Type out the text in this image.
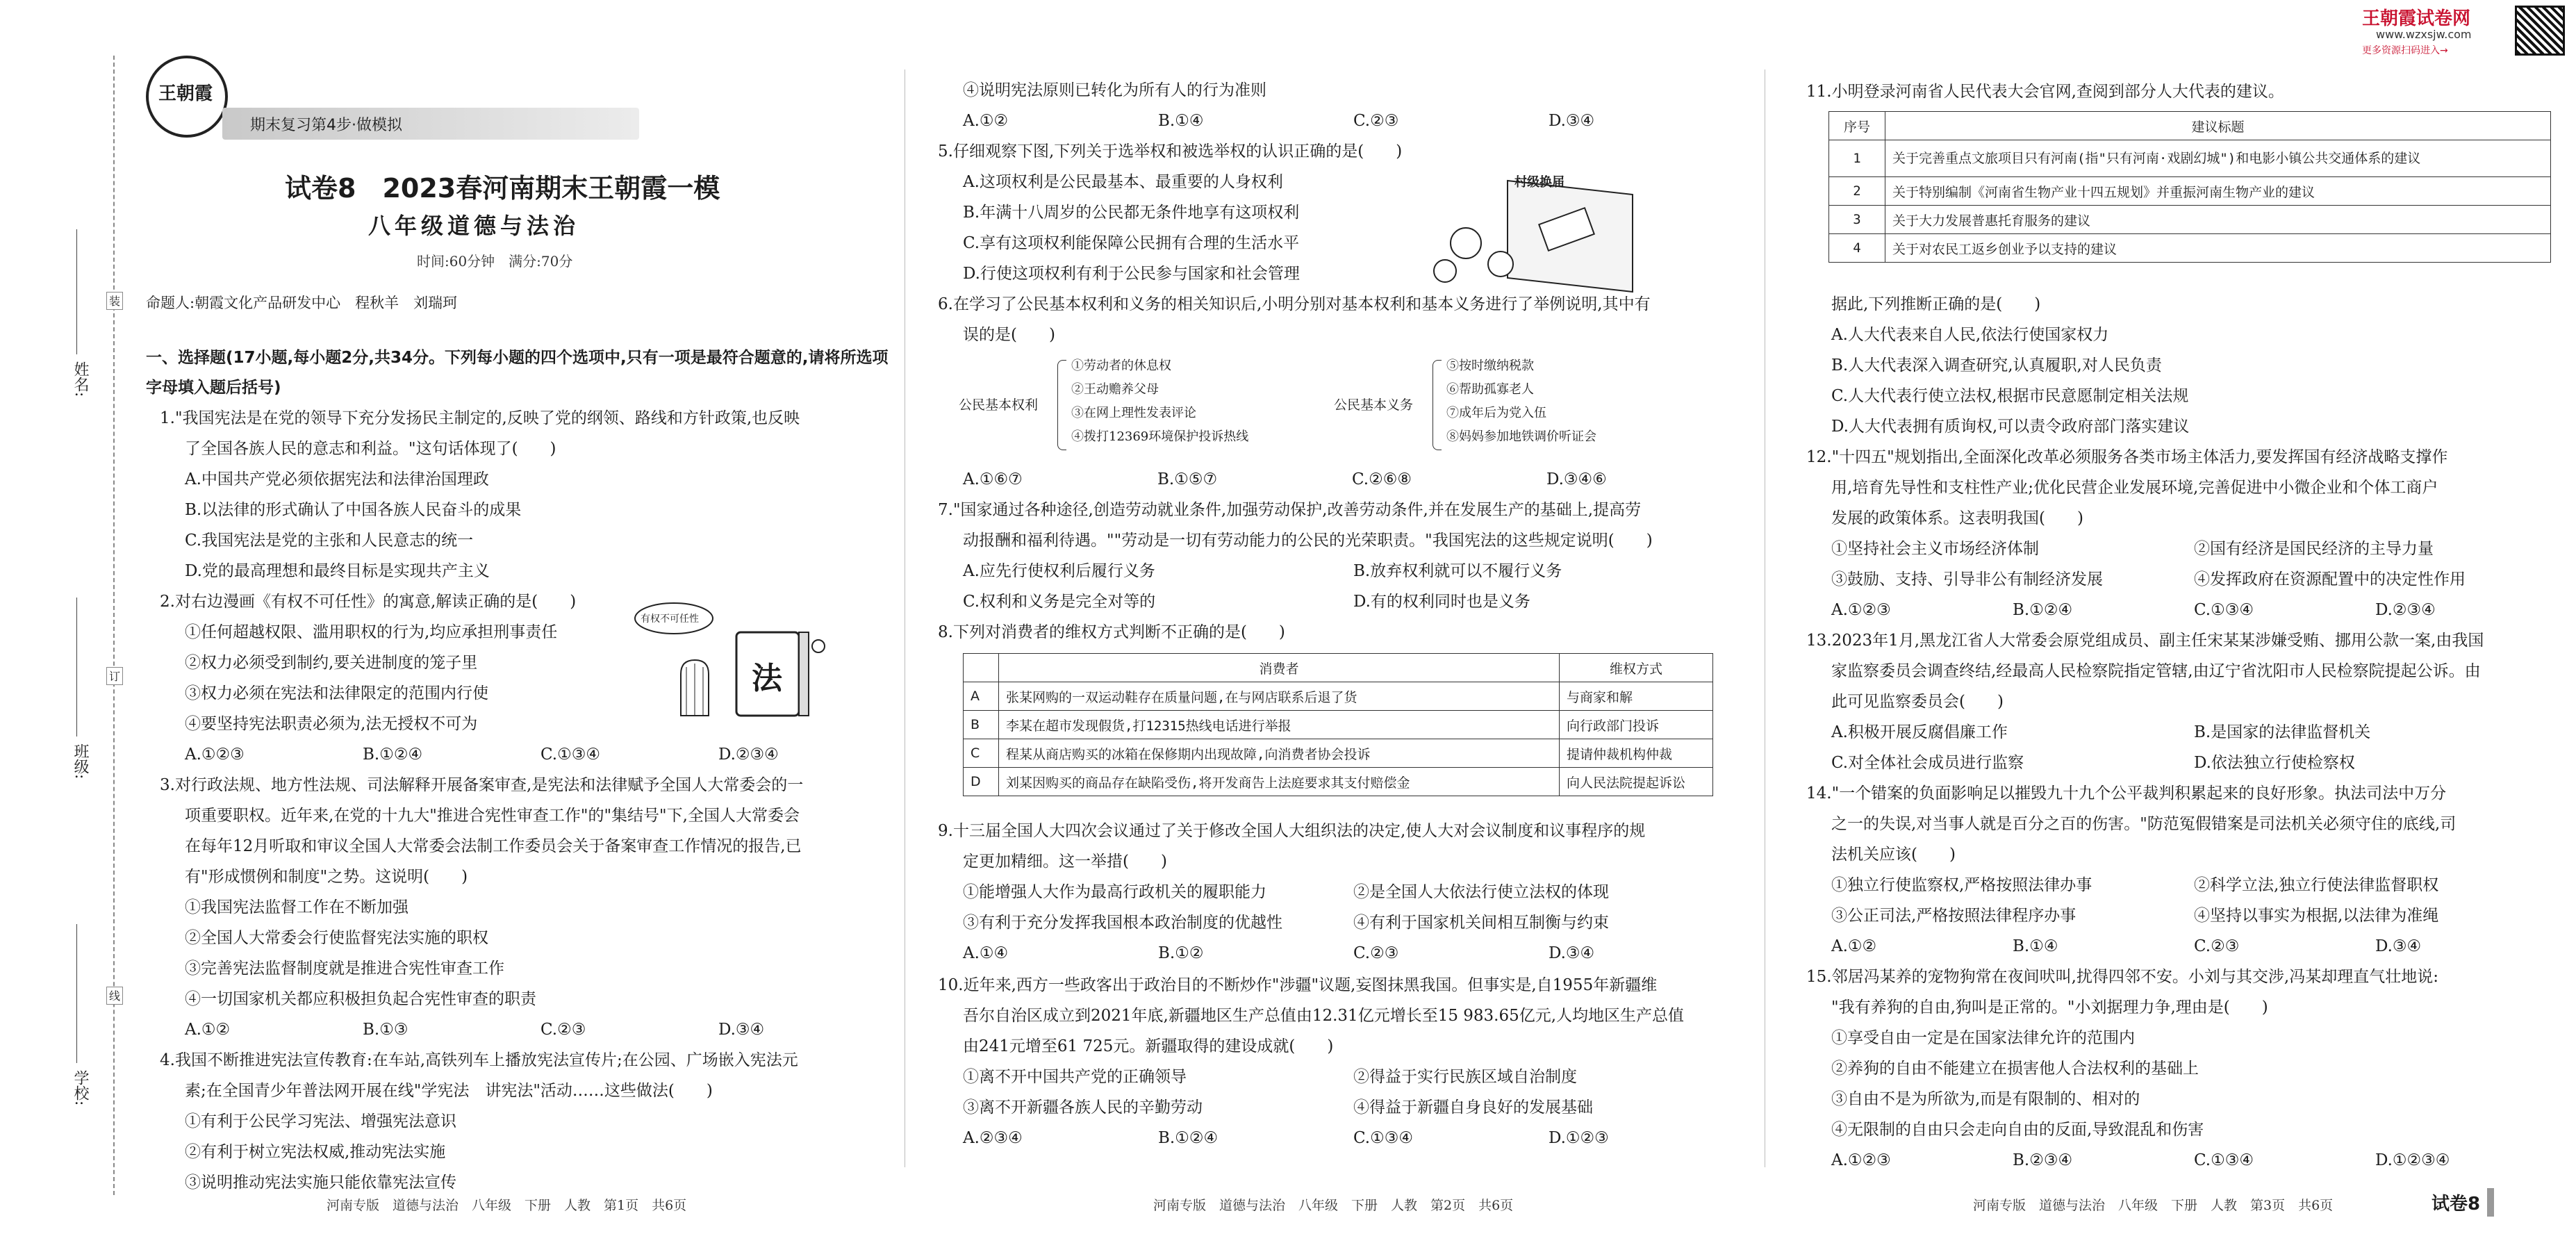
姓名:
班级:
学校:
装
订
线
王朝霞
期末复习第4步·做模拟
试卷8　2023春河南期末王朝霞一模
八年级道德与法治
时间:60分钟　满分:70分
命题人:朝霞文化产品研发中心　程秋羊　刘瑞珂
一、选择题(17小题,每小题2分,共34分。下列每小题的四个选项中,只有一项是最符合题意的,请将所选项字母填入题后括号)
1."我国宪法是在党的领导下充分发扬民主制定的,反映了党的纲领、路线和方针政策,也反映
了全国各族人民的意志和利益。"这句话体现了(　　)
A.中国共产党必须依据宪法和法律治国理政
B.以法律的形式确认了中国各族人民奋斗的成果
C.我国宪法是党的主张和人民意志的统一
D.党的最高理想和最终目标是实现共产主义
2.对右边漫画《有权不可任性》的寓意,解读正确的是(　　)
①任何超越权限、滥用职权的行为,均应承担刑事责任
②权力必须受到制约,要关进制度的笼子里
③权力必须在宪法和法律限定的范围内行使
④要坚持宪法职责必须为,法无授权不可为
A.①②③	B.①②④	C.①③④	D.②③④
有权不可任性
法
3.对行政法规、地方性法规、司法解释开展备案审查,是宪法和法律赋予全国人大常委会的一
项重要职权。近年来,在党的十九大"推进合宪性审查工作"的"集结号"下,全国人大常委会
在每年12月听取和审议全国人大常委会法制工作委员会关于备案审查工作情况的报告,已
有"形成惯例和制度"之势。这说明(　　)
①我国宪法监督工作在不断加强
②全国人大常委会行使监督宪法实施的职权
③完善宪法监督制度就是推进合宪性审查工作
④一切国家机关都应积极担负起合宪性审查的职责
A.①②	B.①③	C.②③	D.③④
4.我国不断推进宪法宣传教育:在车站,高铁列车上播放宪法宣传片;在公园、广场嵌入宪法元
素;在全国青少年普法网开展在线"学宪法　讲宪法"活动……这些做法(　　)
①有利于公民学习宪法、增强宪法意识
②有利于树立宪法权威,推动宪法实施
③说明推动宪法实施只能依靠宪法宣传
河南专版　道德与法治　八年级　下册　人教　第1页　共6页
④说明宪法原则已转化为所有人的行为准则
A.①②	B.①④	C.②③	D.③④
5.仔细观察下图,下列关于选举权和被选举权的认识正确的是(　　)
A.这项权利是公民最基本、最重要的人身权利
B.年满十八周岁的公民都无条件地享有这项权利
C.享有这项权利能保障公民拥有合理的生活水平
D.行使这项权利有利于公民参与国家和社会管理
村级换届
6.在学习了公民基本权利和义务的相关知识后,小明分别对基本权利和基本义务进行了举例说明,其中有
误的是(　　)
公民基本权利
①劳动者的休息权
②王动赡养父母
③在网上理性发表评论
④拨打12369环境保护投诉热线
公民基本义务
⑤按时缴纳税款
⑥帮助孤寡老人
⑦成年后为党入伍
⑧妈妈参加地铁调价听证会
A.①⑥⑦	B.①⑤⑦	C.②⑥⑧	D.③④⑥
7."国家通过各种途径,创造劳动就业条件,加强劳动保护,改善劳动条件,并在发展生产的基础上,提高劳
动报酬和福利待遇。""劳动是一切有劳动能力的公民的光荣职责。"我国宪法的这些规定说明(　　)
A.应先行使权利后履行义务	B.放弃权利就可以不履行义务
C.权利和义务是完全对等的	D.有的权利同时也是义务
8.下列对消费者的维权方式判断不正确的是(　　)
	消费者	维权方式
A	张某网购的一双运动鞋存在质量问题,在与网店联系后退了货	与商家和解
B	李某在超市发现假货,打12315热线电话进行举报	向行政部门投诉
C	程某从商店购买的冰箱在保修期内出现故障,向消费者协会投诉	提请仲裁机构仲裁
D	刘某因购买的商品存在缺陷受伤,将开发商告上法庭要求其支付赔偿金	向人民法院提起诉讼
9.十三届全国人大四次会议通过了关于修改全国人大组织法的决定,使人大对会议制度和议事程序的规
定更加精细。这一举措(　　)
①能增强人大作为最高行政机关的履职能力	②是全国人大依法行使立法权的体现
③有利于充分发挥我国根本政治制度的优越性	④有利于国家机关间相互制衡与约束
A.①④	B.①②	C.②③	D.③④
10.近年来,西方一些政客出于政治目的不断炒作"涉疆"议题,妄图抹黑我国。但事实是,自1955年新疆维
吾尔自治区成立到2021年底,新疆地区生产总值由12.31亿元增长至15 983.65亿元,人均地区生产总值
由241元增至61 725元。新疆取得的建设成就(　　)
①离不开中国共产党的正确领导	②得益于实行民族区域自治制度
③离不开新疆各族人民的辛勤劳动	④得益于新疆自身良好的发展基础
A.②③④	B.①②④	C.①③④	D.①②③
河南专版　道德与法治　八年级　下册　人教　第2页　共6页
王朝霞试卷网
www.wzxsjw.com
更多资源扫码进入→
11.小明登录河南省人民代表大会官网,查阅到部分人大代表的建议。
序号	建议标题
1	关于完善重点文旅项目只有河南(指"只有河南·戏剧幻城")和电影小镇公共交通体系的建议
2	关于特别编制《河南省生物产业十四五规划》并重振河南生物产业的建议
3	关于大力发展普惠托育服务的建议
4	关于对农民工返乡创业予以支持的建议
据此,下列推断正确的是(　　)
A.人大代表来自人民,依法行使国家权力
B.人大代表深入调查研究,认真履职,对人民负责
C.人大代表行使立法权,根据市民意愿制定相关法规
D.人大代表拥有质询权,可以责令政府部门落实建议
12."十四五"规划指出,全面深化改革必须服务各类市场主体活力,要发挥国有经济战略支撑作
用,培育先导性和支柱性产业;优化民营企业发展环境,完善促进中小微企业和个体工商户
发展的政策体系。这表明我国(　　)
①坚持社会主义市场经济体制	②国有经济是国民经济的主导力量
③鼓励、支持、引导非公有制经济发展	④发挥政府在资源配置中的决定性作用
A.①②③	B.①②④	C.①③④	D.②③④
13.2023年1月,黑龙江省人大常委会原党组成员、副主任宋某某涉嫌受贿、挪用公款一案,由我国
家监察委员会调查终结,经最高人民检察院指定管辖,由辽宁省沈阳市人民检察院提起公诉。由
此可见监察委员会(　　)
A.积极开展反腐倡廉工作	B.是国家的法律监督机关
C.对全体社会成员进行监察	D.依法独立行使检察权
14."一个错案的负面影响足以摧毁九十九个公平裁判积累起来的良好形象。执法司法中万分
之一的失误,对当事人就是百分之百的伤害。"防范冤假错案是司法机关必须守住的底线,司
法机关应该(　　)
①独立行使监察权,严格按照法律办事	②科学立法,独立行使法律监督职权
③公正司法,严格按照法律程序办事	④坚持以事实为根据,以法律为准绳
A.①②	B.①④	C.②③	D.③④
15.邻居冯某养的宠物狗常在夜间吠叫,扰得四邻不安。小刘与其交涉,冯某却理直气壮地说:
"我有养狗的自由,狗叫是正常的。"小刘据理力争,理由是(　　)
①享受自由一定是在国家法律允许的范围内
②养狗的自由不能建立在损害他人合法权利的基础上
③自由不是为所欲为,而是有限制的、相对的
④无限制的自由只会走向自由的反面,导致混乱和伤害
A.①②③	B.②③④	C.①③④	D.①②③④
河南专版　道德与法治　八年级　下册　人教　第3页　共6页	试卷8
